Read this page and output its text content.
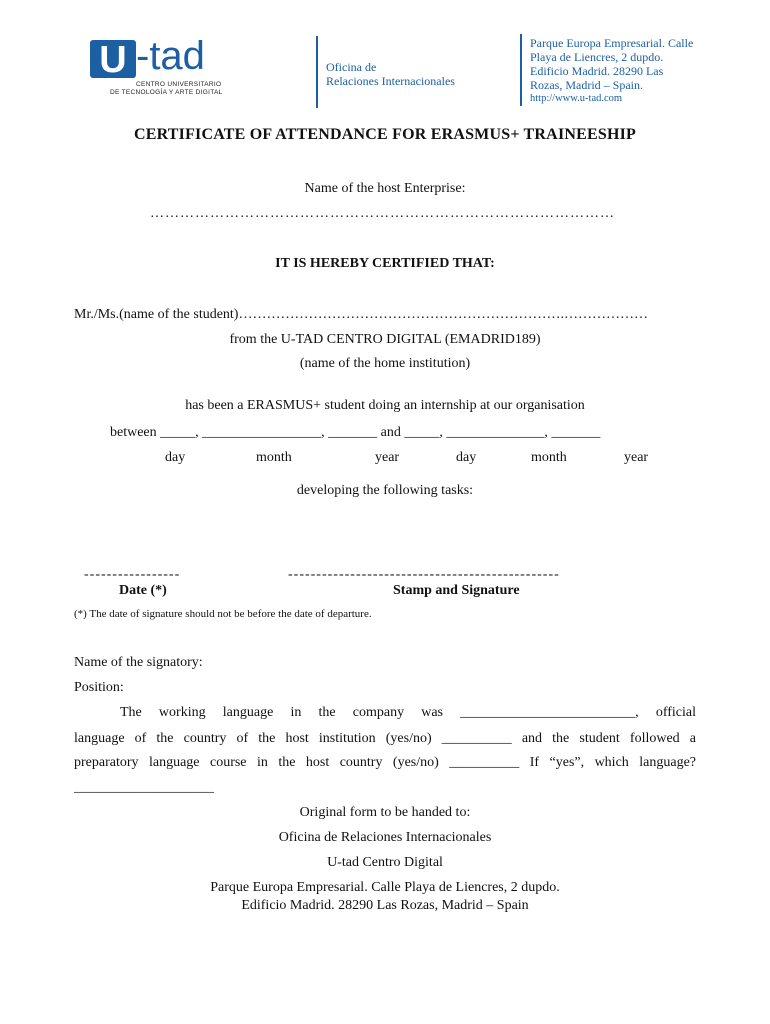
U -tad
CENTRO UNIVERSITARIO
DE TECNOLOGÍA Y ARTE DIGITAL
Oficina de
Relaciones Internacionales
Parque Europa Empresarial. Calle
Playa de Liencres, 2 dupdo.
Edificio Madrid. 28290 Las
Rozas, Madrid – Spain.
http://www.u-tad.com
CERTIFICATE OF ATTENDANCE FOR ERASMUS+ TRAINEESHIP
Name of the host Enterprise:
…………………………………………………………………………………
IT IS HEREBY CERTIFIED THAT:
Mr./Ms.(name of the student)…………………………………………………………….………………
from the U-TAD CENTRO DIGITAL (EMADRID189)
(name of the home institution)
has been a ERASMUS+ student doing an internship at our organisation
between _____, _________________, _______ and _____, ______________, _______
day	month	year	day	month	year
developing the following tasks:
-----------------	------------------------------------------------
Date (*)	Stamp and Signature
(*) The date of signature should not be before the date of departure.
Name of the signatory:
Position:
The working language in the company was _________________________, official
language of the country of the host institution (yes/no) __________ and the student followed a
preparatory language course in the host country (yes/no) __________ If “yes”, which language?
____________________
Original form to be handed to:
Oficina de Relaciones Internacionales
U-tad Centro Digital
Parque Europa Empresarial. Calle Playa de Liencres, 2 dupdo.
Edificio Madrid. 28290 Las Rozas, Madrid – Spain
